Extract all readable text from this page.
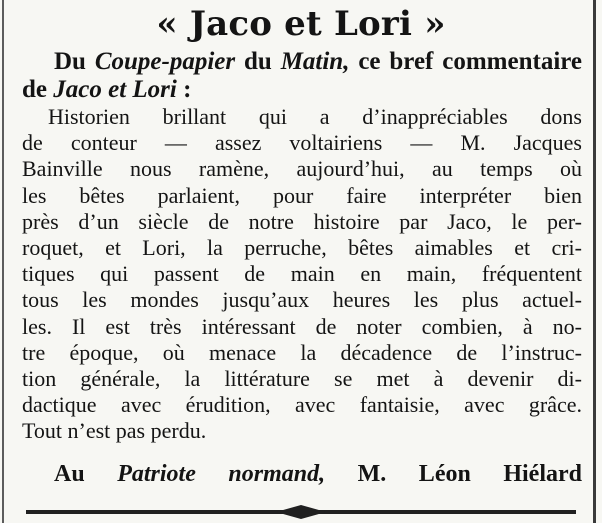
« Jaco et Lori »
Du Coupe-papier du Matin, ce bref commentaire de Jaco et Lori :
Historien brillant qui a d’inappréciables dons
de conteur — assez voltairiens — M. Jacques
Bainville nous ramène, aujourd’hui, au temps où
les bêtes parlaient, pour faire interpréter bien
près d’un siècle de notre histoire par Jaco, le per-
roquet, et Lori, la perruche, bêtes aimables et cri-
tiques qui passent de main en main, fréquentent
tous les mondes jusqu’aux heures les plus actuel-
les. Il est très intéressant de noter combien, à no-
tre époque, où menace la décadence de l’instruc-
tion générale, la littérature se met à devenir di-
dactique avec érudition, avec fantaisie, avec grâce.
Tout n’est pas perdu.
Au Patriote normand, M. Léon Hiélard
